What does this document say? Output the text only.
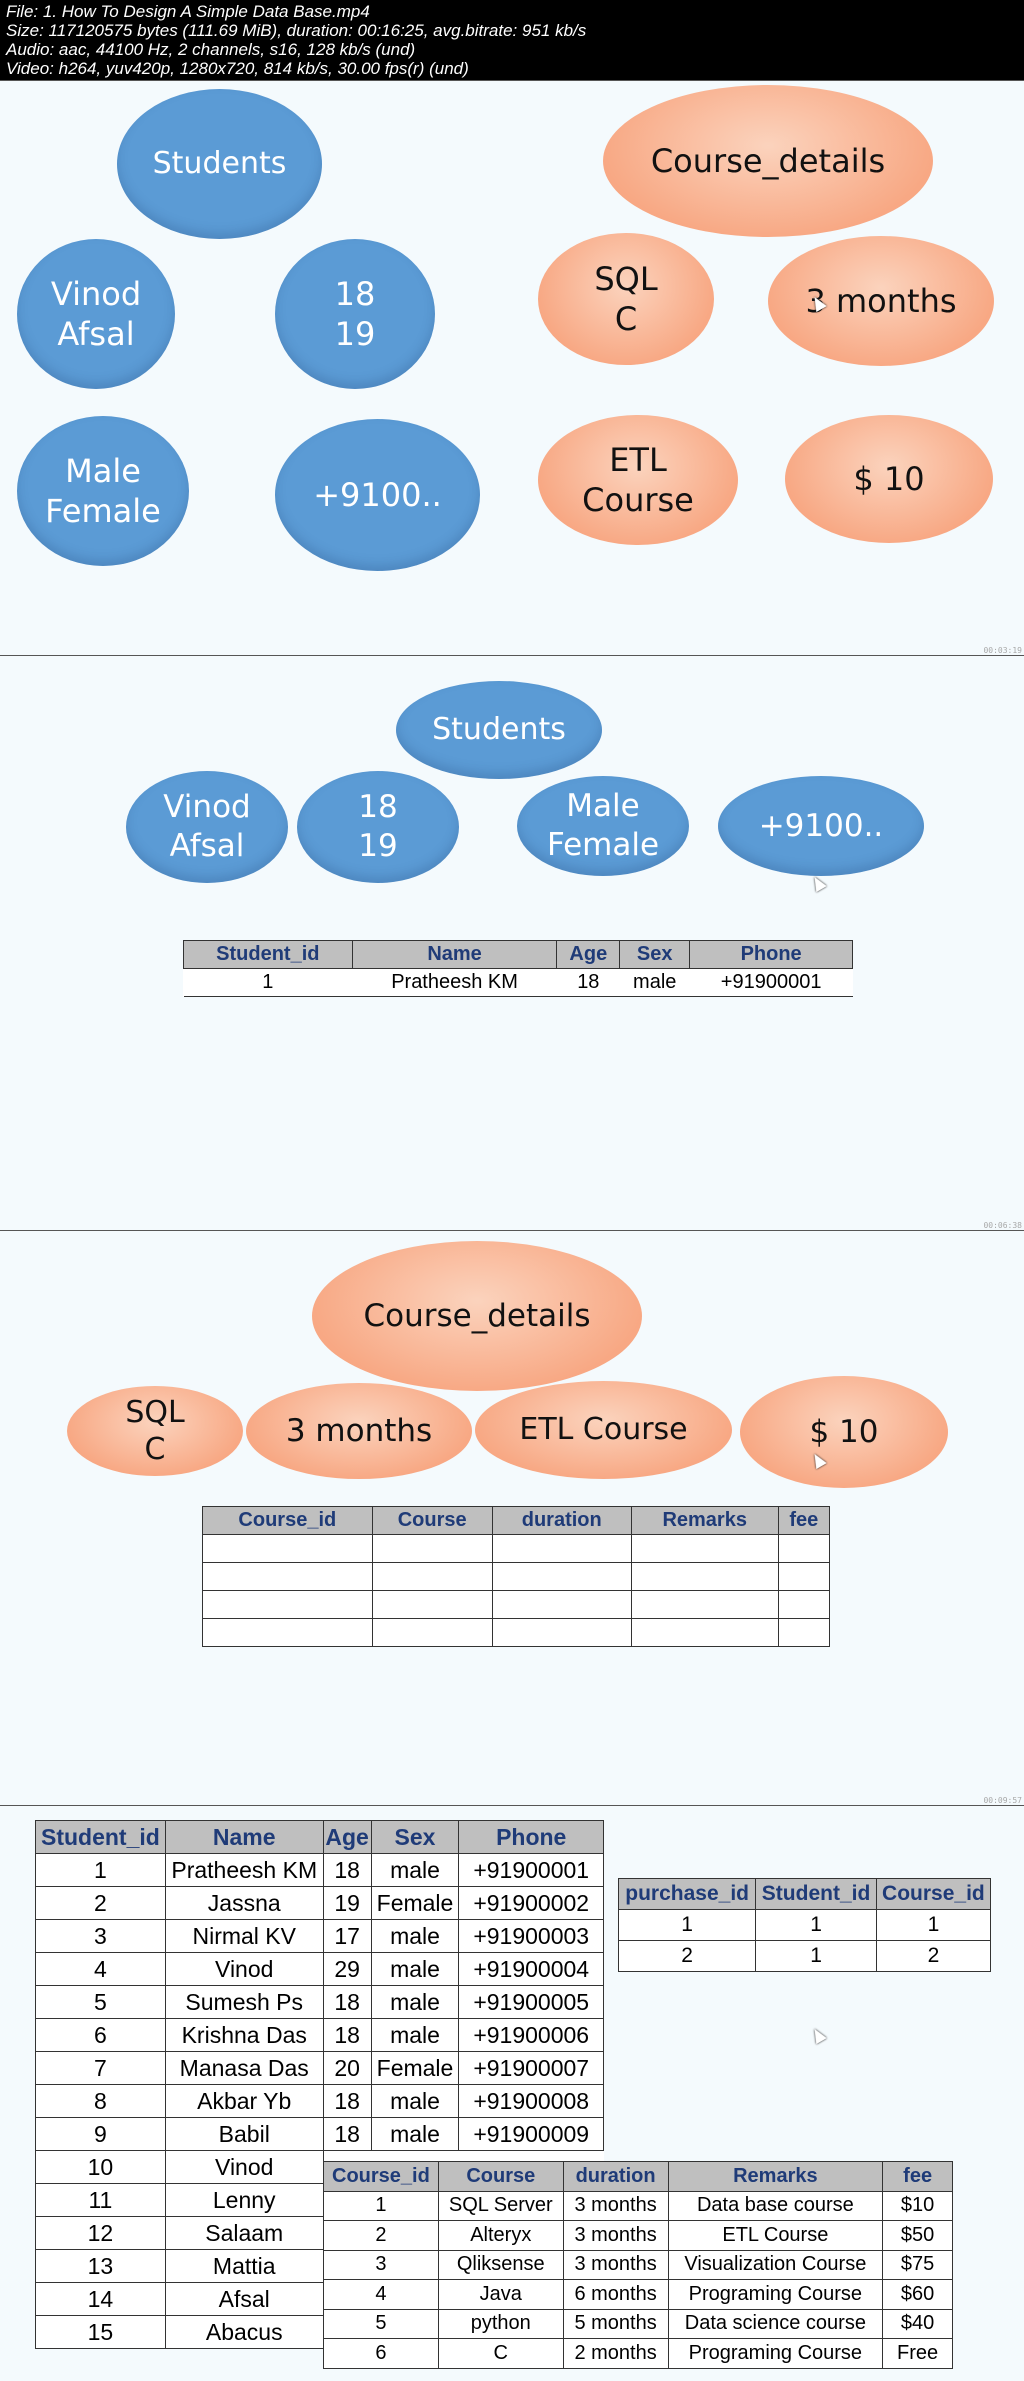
File: 1. How To Design A Simple Data Base.mp4
Size: 117120575 bytes (111.69 MiB), duration: 00:16:25, avg.bitrate: 951 kb/s
Audio: aac, 44100 Hz, 2 channels, s16, 128 kb/s (und)
Video: h264, yuv420p, 1280x720, 814 kb/s, 30.00 fps(r) (und)
Students
Vinod
Afsal
18
19
Male
Female	+9100..
Course_details
SQL
C	3 months
ETL
Course
$ 10
00:03:19
Students
Vinod
Afsal
18
19
Male
Female
+9100..
Student_id	Name	Age	Sex	Phone
1	Pratheesh KM	18	male	+91900001
00:06:38
Course_details
SQL
C
3 months	ETL Course	$ 10
Course_id	Course	duration	Remarks	fee

00:09:57
Student_id	Name	Age	Sex	Phone
1	Pratheesh KM	18	male	+91900001
2	Jassna	19	Female	+91900002
3	Nirmal KV	17	male	+91900003
4	Vinod	29	male	+91900004
5	Sumesh Ps	18	male	+91900005
6	Krishna Das	18	male	+91900006
7	Manasa Das	20	Female	+91900007
8	Akbar Yb	18	male	+91900008
9	Babil	18	male	+91900009
10	Vinod			
11	Lenny			
12	Salaam			
13	Mattia			
14	Afsal			
15	Abacus			
purchase_id	Student_id	Course_id
1	1	1
2	1	2
Course_id	Course	duration	Remarks	fee
1	SQL Server	3 months	Data base course	$10
2	Alteryx	3 months	ETL Course	$50
3	Qliksense	3 months	Visualization Course	$75
4	Java	6 months	Programing Course	$60
5	python	5 months	Data science course	$40
6	C	2 months	Programing Course	Free
